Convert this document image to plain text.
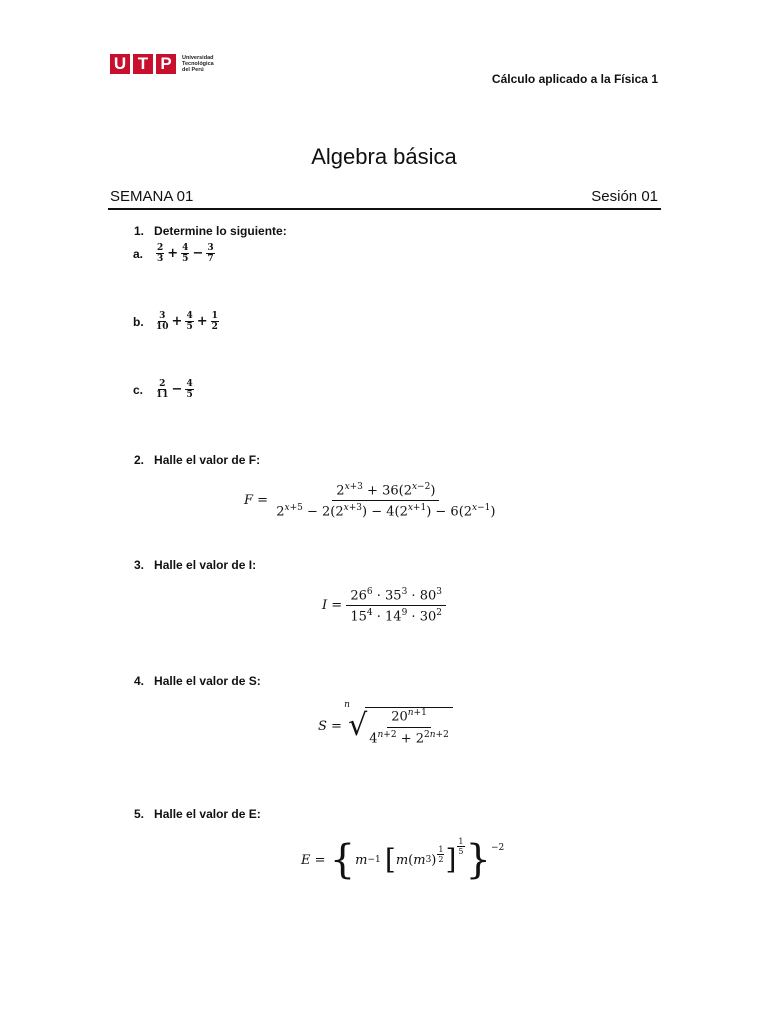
U T P	Universidad
Tecnológica
del Perú
Cálculo aplicado a la Física 1
Algebra básica
SEMANA 01	Sesión 01
1. Determine lo siguiente:
a.	$\frac{2}{3} + \frac{4}{5} - \frac{3}{7}$
b.	$\frac{3}{10} + \frac{4}{5} + \frac{1}{2}$
c.	$\frac{2}{11} - \frac{4}{5}$
2. Halle el valor de F:
F
=
$\frac{2^{x+3} + 36(2^{x-2})}{2^{x+5} - 2(2^{x+3}) - 4(2^{x+1}) - 6(2^{x-1})}$
3. Halle el valor de I:
I
=
$\frac{26^6 \cdot 35^3 \cdot 80^3}{15^4 \cdot 14^9 \cdot 30^2}$
4. Halle el valor de S:
S
=

n
√
$\frac{20^{n+1}}{4^{n+2} + 2^{2n+2}}$
5. Halle el valor de E:
E
=
{ m −1
[ m ( m 3 ) $\frac{1}{2}$ ] $\frac{1}{5} \}^{-2}$
